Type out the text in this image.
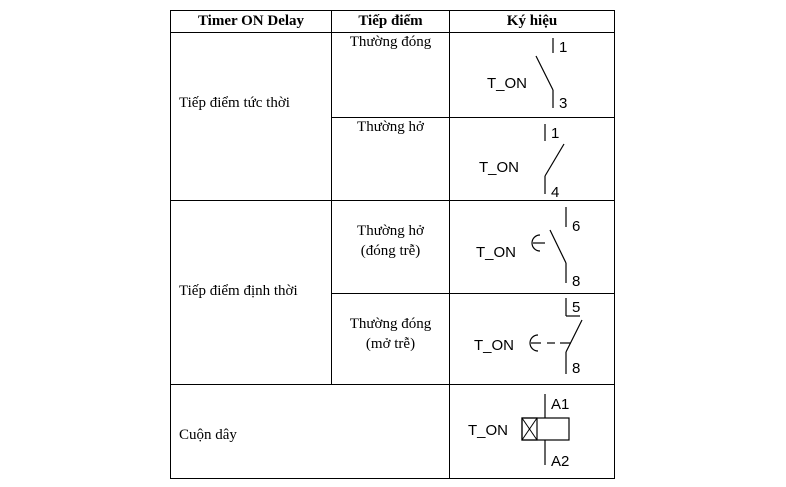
Timer ON Delay	Tiếp điểm	Ký hiệu
Tiếp điểm tức thời
Tiếp điểm định thời
Cuộn dây
Thường đóng
Thường hở
Thường hở
(đóng trễ)
Thường đóng
(mở trễ)
T_ON
1
3
T_ON
1
4
T_ON
6
8
T_ON
5
8
T_ON
A1
A2
